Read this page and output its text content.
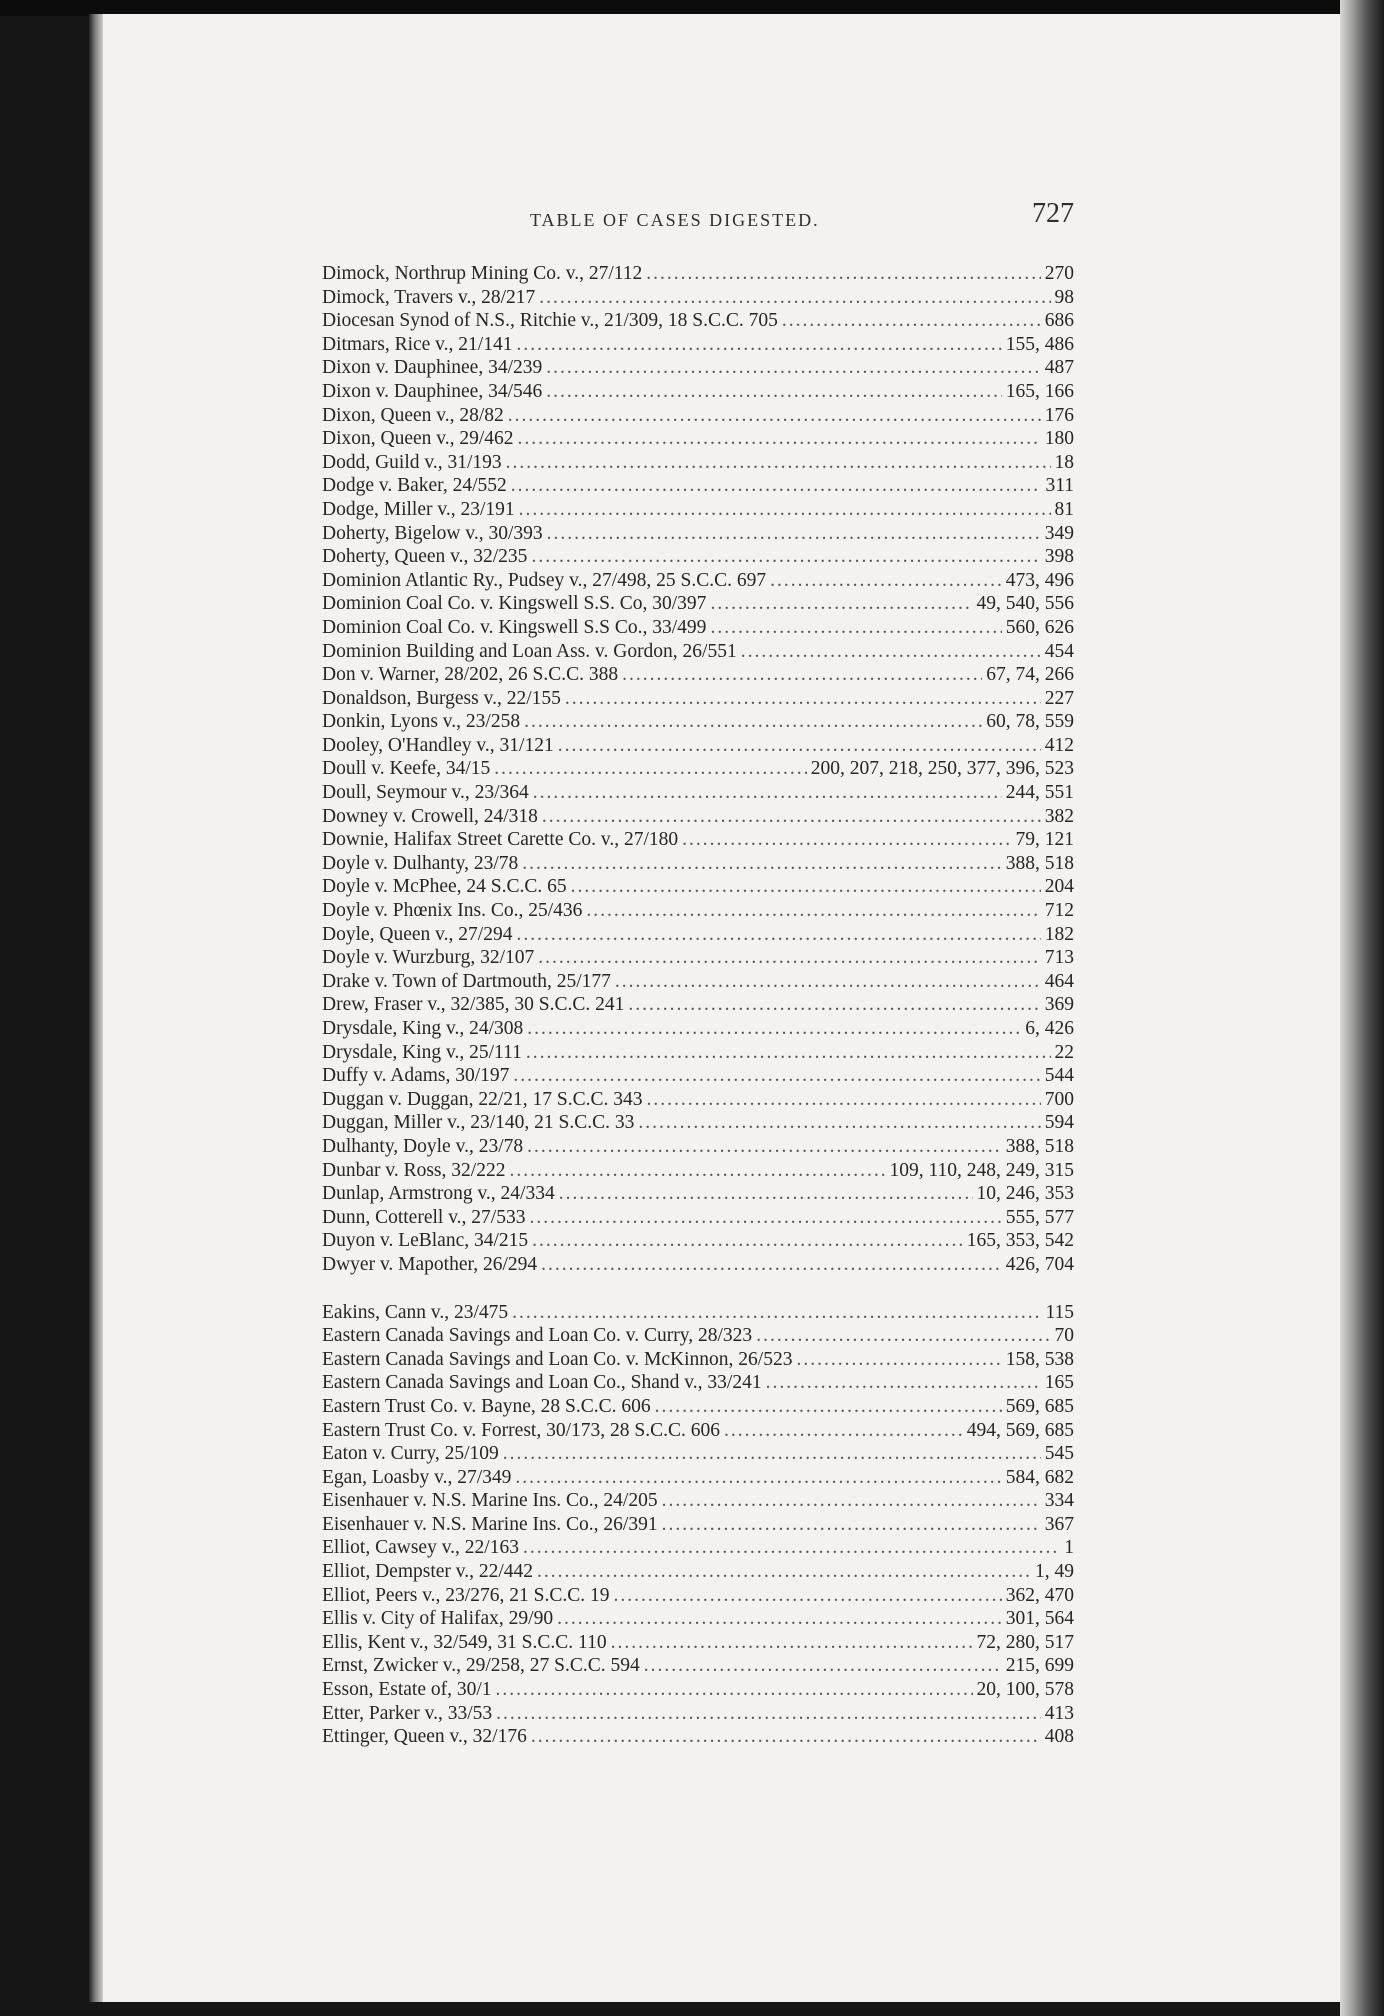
TABLE OF CASES DIGESTED.	727
Dimock, Northrup Mining Co. v., 27/112 .....	270
Dimock, Travers v., 28/217 .....	98
Diocesan Synod of N.S., Ritchie v., 21/309, 18 S.C.C. 705 .....	686
Ditmars, Rice v., 21/141 .....	155, 486
Dixon v. Dauphinee, 34/239 .....	487
Dixon v. Dauphinee, 34/546 .....	165, 166
Dixon, Queen v., 28/82 .....	176
Dixon, Queen v., 29/462 .....	180
Dodd, Guild v., 31/193 .....	18
Dodge v. Baker, 24/552 .....	311
Dodge, Miller v., 23/191 .....	81
Doherty, Bigelow v., 30/393 .....	349
Doherty, Queen v., 32/235 .....	398
Dominion Atlantic Ry., Pudsey v., 27/498, 25 S.C.C. 697 .....	473, 496
Dominion Coal Co. v. Kingswell S.S. Co, 30/397 .....	49, 540, 556
Dominion Coal Co. v. Kingswell S.S Co., 33/499 .....	560, 626
Dominion Building and Loan Ass. v. Gordon, 26/551 .....	454
Don v. Warner, 28/202, 26 S.C.C. 388 .....	67, 74, 266
Donaldson, Burgess v., 22/155 .....	227
Donkin, Lyons v., 23/258 .....	60, 78, 559
Dooley, O'Handley v., 31/121 .....	412
Doull v. Keefe, 34/15 .....	200, 207, 218, 250, 377, 396, 523
Doull, Seymour v., 23/364 .....	244, 551
Downey v. Crowell, 24/318 .....	382
Downie, Halifax Street Carette Co. v., 27/180 .....	79, 121
Doyle v. Dulhanty, 23/78 .....	388, 518
Doyle v. McPhee, 24 S.C.C. 65 .....	204
Doyle v. Phœnix Ins. Co., 25/436 .....	712
Doyle, Queen v., 27/294 .....	182
Doyle v. Wurzburg, 32/107 .....	713
Drake v. Town of Dartmouth, 25/177 .....	464
Drew, Fraser v., 32/385, 30 S.C.C. 241 .....	369
Drysdale, King v., 24/308 .....	6, 426
Drysdale, King v., 25/111 .....	22
Duffy v. Adams, 30/197 .....	544
Duggan v. Duggan, 22/21, 17 S.C.C. 343 .....	700
Duggan, Miller v., 23/140, 21 S.C.C. 33 .....	594
Dulhanty, Doyle v., 23/78 .....	388, 518
Dunbar v. Ross, 32/222 .....	109, 110, 248, 249, 315
Dunlap, Armstrong v., 24/334 .....	10, 246, 353
Dunn, Cotterell v., 27/533 .....	555, 577
Duyon v. LeBlanc, 34/215 .....	165, 353, 542
Dwyer v. Mapother, 26/294 .....	426, 704
Eakins, Cann v., 23/475 .....	115
Eastern Canada Savings and Loan Co. v. Curry, 28/323 .....	70
Eastern Canada Savings and Loan Co. v. McKinnon, 26/523 .....	158, 538
Eastern Canada Savings and Loan Co., Shand v., 33/241 .....	165
Eastern Trust Co. v. Bayne, 28 S.C.C. 606 .....	569, 685
Eastern Trust Co. v. Forrest, 30/173, 28 S.C.C. 606 .....	494, 569, 685
Eaton v. Curry, 25/109 .....	545
Egan, Loasby v., 27/349 .....	584, 682
Eisenhauer v. N.S. Marine Ins. Co., 24/205 .....	334
Eisenhauer v. N.S. Marine Ins. Co., 26/391 .....	367
Elliot, Cawsey v., 22/163 .....	1
Elliot, Dempster v., 22/442 .....	1, 49
Elliot, Peers v., 23/276, 21 S.C.C. 19 .....	362, 470
Ellis v. City of Halifax, 29/90 .....	301, 564
Ellis, Kent v., 32/549, 31 S.C.C. 110 .....	72, 280, 517
Ernst, Zwicker v., 29/258, 27 S.C.C. 594 .....	215, 699
Esson, Estate of, 30/1 .....	20, 100, 578
Etter, Parker v., 33/53 .....	413
Ettinger, Queen v., 32/176 .....	408
